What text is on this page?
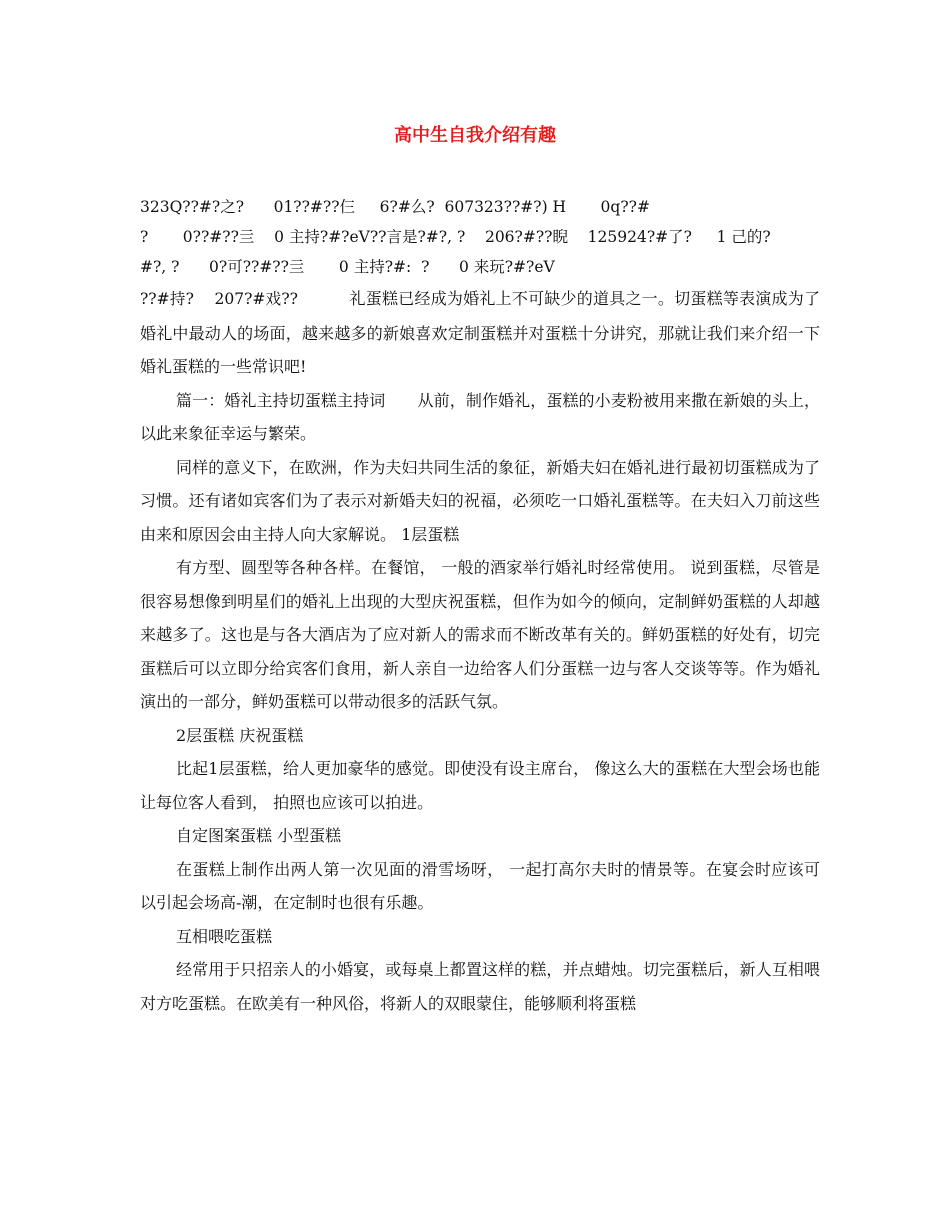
高中生自我介绍有趣
323Q??#?之?      01??#??仨     6?#么?  607323??#?) H       0q??#
?       0??#??亖    0 主持?#?eV??言是?#?, ?    206?#??睨    125924?#了?     1 己的?
#?, ?      0?可??#??亖       0 主持?#:  ?      0 来玩?#?eV

??#持?    207?#戏??          礼蛋糕已经成为婚礼上不可缺少的道具之一。切蛋糕等表演成为了婚礼中最动人的场面，越来越多的新娘喜欢定制蛋糕并对蛋糕十分讲究，那就让我们来介绍一下婚礼蛋糕的一些常识吧!

篇一：婚礼主持切蛋糕主持词　　从前，制作婚礼，蛋糕的小麦粉被用来撒在新娘的头上，以此来象征幸运与繁荣。

同样的意义下，在欧洲，作为夫妇共同生活的象征，新婚夫妇在婚礼进行最初切蛋糕成为了习惯。还有诸如宾客们为了表示对新婚夫妇的祝福，必须吃一口婚礼蛋糕等。在夫妇入刀前这些由来和原因会由主持人向大家解说。 1层蛋糕

有方型、圆型等各种各样。在餐馆， 一般的酒家举行婚礼时经常使用。 说到蛋糕，尽管是很容易想像到明星们的婚礼上出现的大型庆祝蛋糕，但作为如今的倾向，定制鲜奶蛋糕的人却越来越多了。这也是与各大酒店为了应对新人的需求而不断改革有关的。鲜奶蛋糕的好处有，切完蛋糕后可以立即分给宾客们食用，新人亲自一边给客人们分蛋糕一边与客人交谈等等。作为婚礼演出的一部分，鲜奶蛋糕可以带动很多的活跃气氛。

2层蛋糕 庆祝蛋糕

比起1层蛋糕，给人更加豪华的感觉。即使没有设主席台， 像这么大的蛋糕在大型会场也能让每位客人看到， 拍照也应该可以拍进。

自定图案蛋糕 小型蛋糕

在蛋糕上制作出两人第一次见面的滑雪场呀， 一起打高尔夫时的情景等。在宴会时应该可以引起会场高-潮，在定制时也很有乐趣。

互相喂吃蛋糕

经常用于只招亲人的小婚宴，或每桌上都置这样的糕，并点蜡烛。切完蛋糕后，新人互相喂对方吃蛋糕。在欧美有一种风俗，将新人的双眼蒙住，能够顺利将蛋糕
